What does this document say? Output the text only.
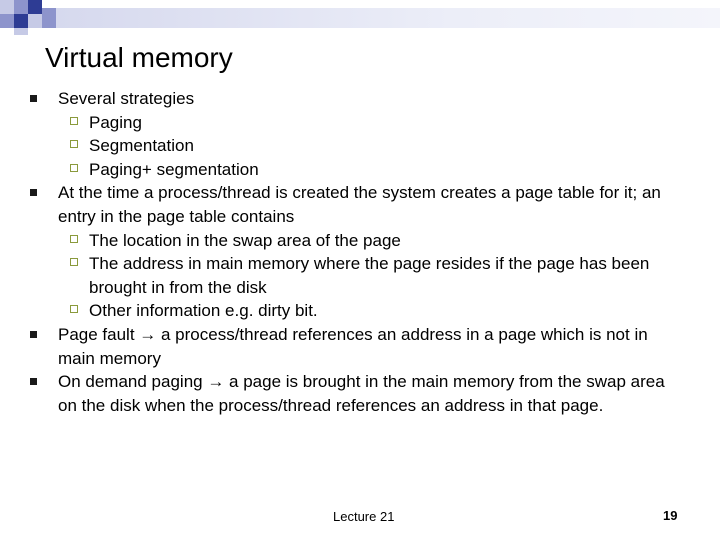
Virtual memory
Several strategies
Paging
Segmentation
Paging+ segmentation
At the time a process/thread is created the system creates a page table for it; an entry in the page table contains
The location in the swap area of the page
The address in main memory where the page resides if the page has been brought in from the disk
Other information e.g. dirty bit.
Page fault → a process/thread references an address in a page which is not in main memory
On demand paging → a page is brought in the main memory from the swap area on the disk when the process/thread references an address in that page.
Lecture 21	19
